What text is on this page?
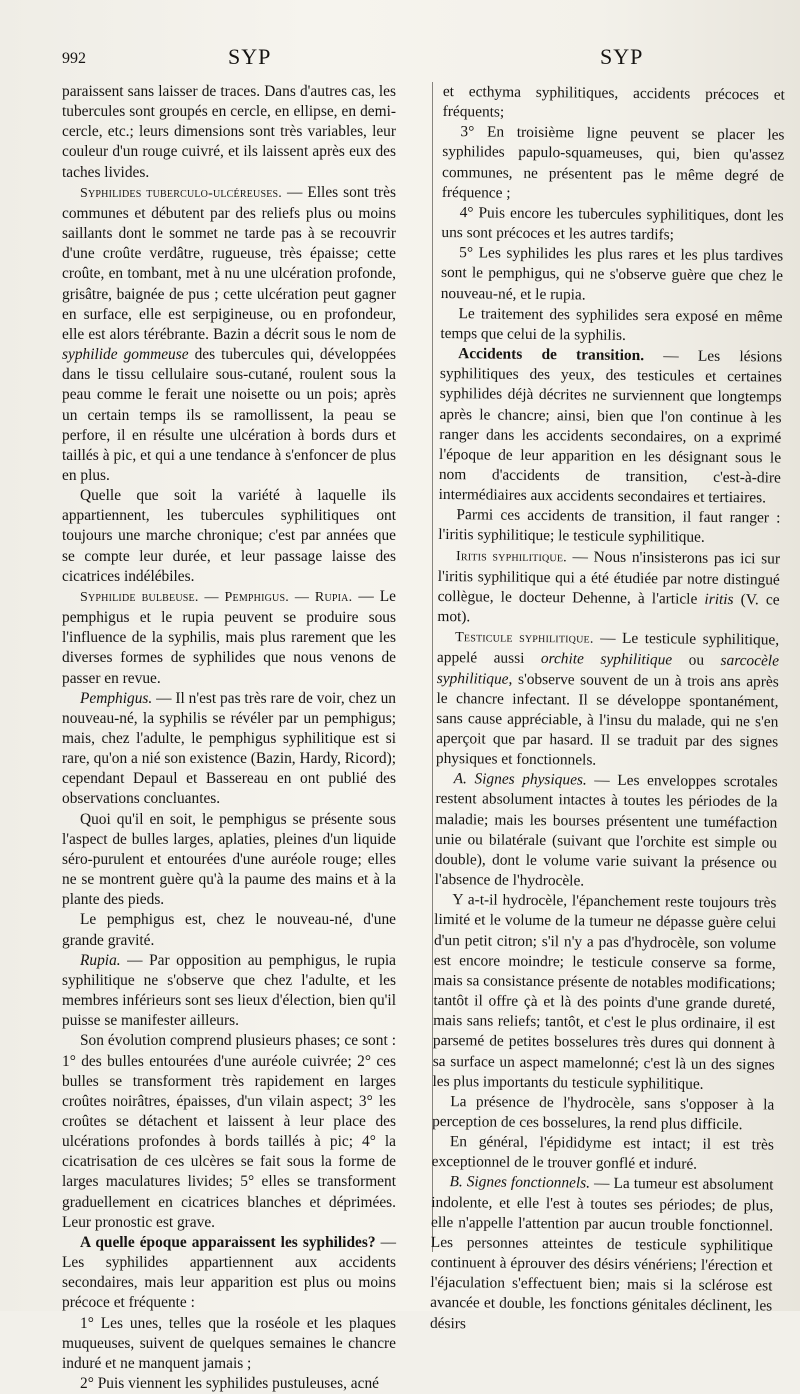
992	SYP	SYP

paraissent sans laisser de traces. Dans d'autres cas, les tubercules sont groupés en cercle, en ellipse, en demi-cercle, etc.; leurs dimensions sont très variables, leur couleur d'un rouge cuivré, et ils laissent après eux des taches livides.

Syphilides tuberculo-ulcéreuses. — Elles sont très communes et débutent par des reliefs plus ou moins saillants dont le sommet ne tarde pas à se recouvrir d'une croûte verdâtre, rugueuse, très épaisse; cette croûte, en tombant, met à nu une ulcération profonde, grisâtre, baignée de pus ; cette ulcération peut gagner en surface, elle est serpigineuse, ou en profondeur, elle est alors térébrante. Bazin a décrit sous le nom de syphilide gommeuse des tubercules qui, développées dans le tissu cellulaire sous-cutané, roulent sous la peau comme le ferait une noisette ou un pois; après un certain temps ils se ramollissent, la peau se perfore, il en résulte une ulcération à bords durs et taillés à pic, et qui a une tendance à s'enfoncer de plus en plus.

Quelle que soit la variété à laquelle ils appartiennent, les tubercules syphilitiques ont toujours une marche chronique; c'est par années que se compte leur durée, et leur passage laisse des cicatrices indélébiles.

Syphilide bulbeuse. — Pemphigus. — Rupia. — Le pemphigus et le rupia peuvent se produire sous l'influence de la syphilis, mais plus rarement que les diverses formes de syphilides que nous venons de passer en revue.

Pemphigus. — Il n'est pas très rare de voir, chez un nouveau-né, la syphilis se révéler par un pemphigus; mais, chez l'adulte, le pemphigus syphilitique est si rare, qu'on a nié son existence (Bazin, Hardy, Ricord); cependant Depaul et Bassereau en ont publié des observations concluantes.

Quoi qu'il en soit, le pemphigus se présente sous l'aspect de bulles larges, aplaties, pleines d'un liquide séro-purulent et entourées d'une auréole rouge; elles ne se montrent guère qu'à la paume des mains et à la plante des pieds.

Le pemphigus est, chez le nouveau-né, d'une grande gravité.

Rupia. — Par opposition au pemphigus, le rupia syphilitique ne s'observe que chez l'adulte, et les membres inférieurs sont ses lieux d'élection, bien qu'il puisse se manifester ailleurs.

Son évolution comprend plusieurs phases; ce sont : 1° des bulles entourées d'une auréole cuivrée; 2° ces bulles se transforment très rapidement en larges croûtes noirâtres, épaisses, d'un vilain aspect; 3° les croûtes se détachent et laissent à leur place des ulcérations profondes à bords taillés à pic; 4° la cicatrisation de ces ulcères se fait sous la forme de larges maculatures livides; 5° elles se transforment graduellement en cicatrices blanches et déprimées. Leur pronostic est grave.

A quelle époque apparaissent les syphilides? — Les syphilides appartiennent aux accidents secondaires, mais leur apparition est plus ou moins précoce et fréquente :

1° Les unes, telles que la roséole et les plaques muqueuses, suivent de quelques semaines le chancre induré et ne manquent jamais ;

2° Puis viennent les syphilides pustuleuses, acné

et ecthyma syphilitiques, accidents précoces et fréquents;

3° En troisième ligne peuvent se placer les syphilides papulo-squameuses, qui, bien qu'assez communes, ne présentent pas le même degré de fréquence ;

4° Puis encore les tubercules syphilitiques, dont les uns sont précoces et les autres tardifs;

5° Les syphilides les plus rares et les plus tardives sont le pemphigus, qui ne s'observe guère que chez le nouveau-né, et le rupia.

Le traitement des syphilides sera exposé en même temps que celui de la syphilis.

Accidents de transition. — Les lésions syphilitiques des yeux, des testicules et certaines syphilides déjà décrites ne surviennent que longtemps après le chancre; ainsi, bien que l'on continue à les ranger dans les accidents secondaires, on a exprimé l'époque de leur apparition en les désignant sous le nom d'accidents de transition, c'est-à-dire intermédiaires aux accidents secondaires et tertiaires.

Parmi ces accidents de transition, il faut ranger : l'iritis syphilitique; le testicule syphilitique.

Iritis syphilitique. — Nous n'insisterons pas ici sur l'iritis syphilitique qui a été étudiée par notre distingué collègue, le docteur Dehenne, à l'article iritis (V. ce mot).

Testicule syphilitique. — Le testicule syphilitique, appelé aussi orchite syphilitique ou sarcocèle syphilitique, s'observe souvent de un à trois ans après le chancre infectant. Il se développe spontanément, sans cause appréciable, à l'insu du malade, qui ne s'en aperçoit que par hasard. Il se traduit par des signes physiques et fonctionnels.

A. Signes physiques. — Les enveloppes scrotales restent absolument intactes à toutes les périodes de la maladie; mais les bourses présentent une tuméfaction unie ou bilatérale (suivant que l'orchite est simple ou double), dont le volume varie suivant la présence ou l'absence de l'hydrocèle.

Y a-t-il hydrocèle, l'épanchement reste toujours très limité et le volume de la tumeur ne dépasse guère celui d'un petit citron; s'il n'y a pas d'hydrocèle, son volume est encore moindre; le testicule conserve sa forme, mais sa consistance présente de notables modifications; tantôt il offre çà et là des points d'une grande dureté, mais sans reliefs; tantôt, et c'est le plus ordinaire, il est parsemé de petites bosselures très dures qui donnent à sa surface un aspect mamelonné; c'est là un des signes les plus importants du testicule syphilitique.

La présence de l'hydrocèle, sans s'opposer à la perception de ces bosselures, la rend plus difficile.

En général, l'épididyme est intact; il est très exceptionnel de le trouver gonflé et induré.

B. Signes fonctionnels. — La tumeur est absolument indolente, et elle l'est à toutes ses périodes; de plus, elle n'appelle l'attention par aucun trouble fonctionnel. Les personnes atteintes de testicule syphilitique continuent à éprouver des désirs vénériens; l'érection et l'éjaculation s'effectuent bien; mais si la sclérose est avancée et double, les fonctions génitales déclinent, les désirs
